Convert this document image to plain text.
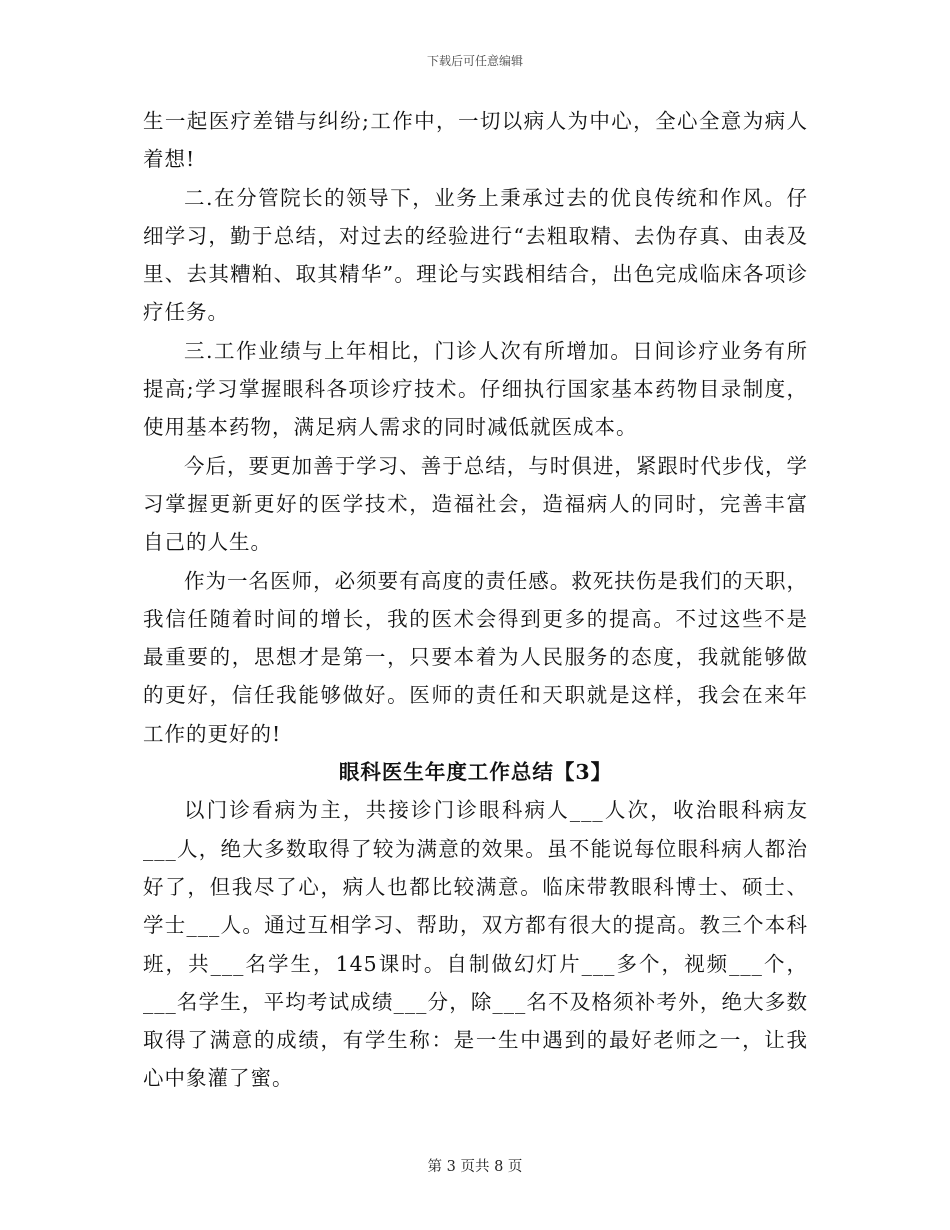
下载后可任意编辑

生一起医疗差错与纠纷;工作中，一切以病人为中心，全心全意为病人着想!

二.在分管院长的领导下，业务上秉承过去的优良传统和作风。仔细学习，勤于总结，对过去的经验进行“去粗取精、去伪存真、由表及里、去其糟粕、取其精华”。理论与实践相结合，出色完成临床各项诊疗任务。

三.工作业绩与上年相比，门诊人次有所增加。日间诊疗业务有所提高;学习掌握眼科各项诊疗技术。仔细执行国家基本药物目录制度，使用基本药物，满足病人需求的同时减低就医成本。

今后，要更加善于学习、善于总结，与时俱进，紧跟时代步伐，学习掌握更新更好的医学技术，造福社会，造福病人的同时，完善丰富自己的人生。

作为一名医师，必须要有高度的责任感。救死扶伤是我们的天职，我信任随着时间的增长，我的医术会得到更多的提高。不过这些不是最重要的，思想才是第一，只要本着为人民服务的态度，我就能够做的更好，信任我能够做好。医师的责任和天职就是这样，我会在来年工作的更好的!

眼科医生年度工作总结【3】

以门诊看病为主，共接诊门诊眼科病人___人次，收治眼科病友___人，绝大多数取得了较为满意的效果。虽不能说每位眼科病人都治好了，但我尽了心，病人也都比较满意。临床带教眼科博士、硕士、学士___人。通过互相学习、帮助，双方都有很大的提高。教三个本科班，共___名学生，145课时。自制做幻灯片___多个，视频___个，___名学生，平均考试成绩___分，除___名不及格须补考外，绝大多数取得了满意的成绩，有学生称：是一生中遇到的最好老师之一，让我心中象灌了蜜。

第 3 页共 8 页
